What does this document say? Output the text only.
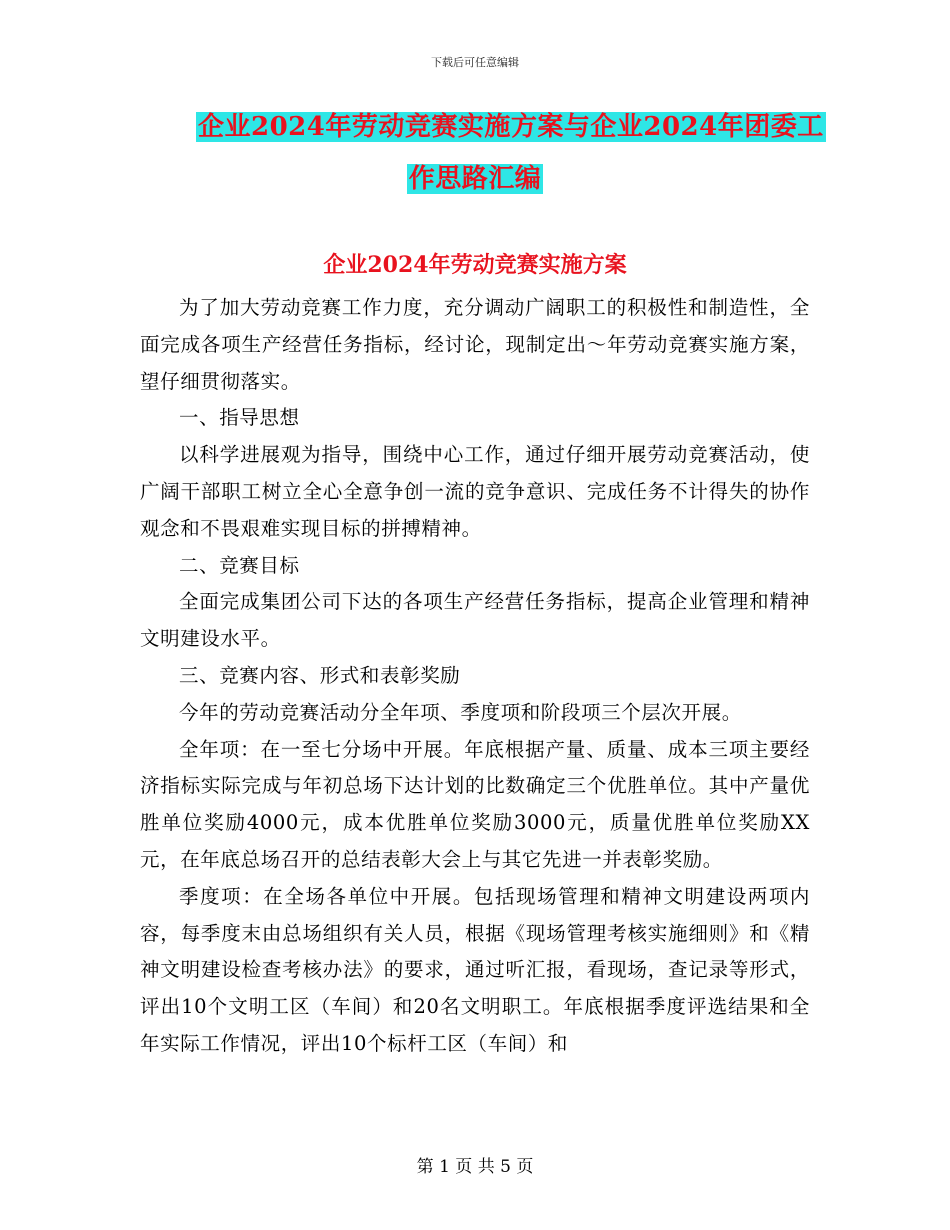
下载后可任意编辑
企业2024年劳动竞赛实施方案与企业2024年团委工
作思路汇编
企业2024年劳动竞赛实施方案

为了加大劳动竞赛工作力度，充分调动广阔职工的积极性和制造性，全面完成各项生产经营任务指标，经讨论，现制定出～年劳动竞赛实施方案，望仔细贯彻落实。

一、指导思想

以科学进展观为指导，围绕中心工作，通过仔细开展劳动竞赛活动，使广阔干部职工树立全心全意争创一流的竞争意识、完成任务不计得失的协作观念和不畏艰难实现目标的拼搏精神。

二、竞赛目标

全面完成集团公司下达的各项生产经营任务指标，提高企业管理和精神文明建设水平。

三、竞赛内容、形式和表彰奖励

今年的劳动竞赛活动分全年项、季度项和阶段项三个层次开展。

全年项：在一至七分场中开展。年底根据产量、质量、成本三项主要经济指标实际完成与年初总场下达计划的比数确定三个优胜单位。其中产量优胜单位奖励4000元，成本优胜单位奖励3000元，质量优胜单位奖励XX元，在年底总场召开的总结表彰大会上与其它先进一并表彰奖励。

季度项：在全场各单位中开展。包括现场管理和精神文明建设两项内容，每季度末由总场组织有关人员，根据《现场管理考核实施细则》和《精神文明建设检查考核办法》的要求，通过听汇报，看现场，查记录等形式，评出10个文明工区（车间）和20名文明职工。年底根据季度评选结果和全年实际工作情况，评出10个标杆工区（车间）和

第 1 页 共 5 页
